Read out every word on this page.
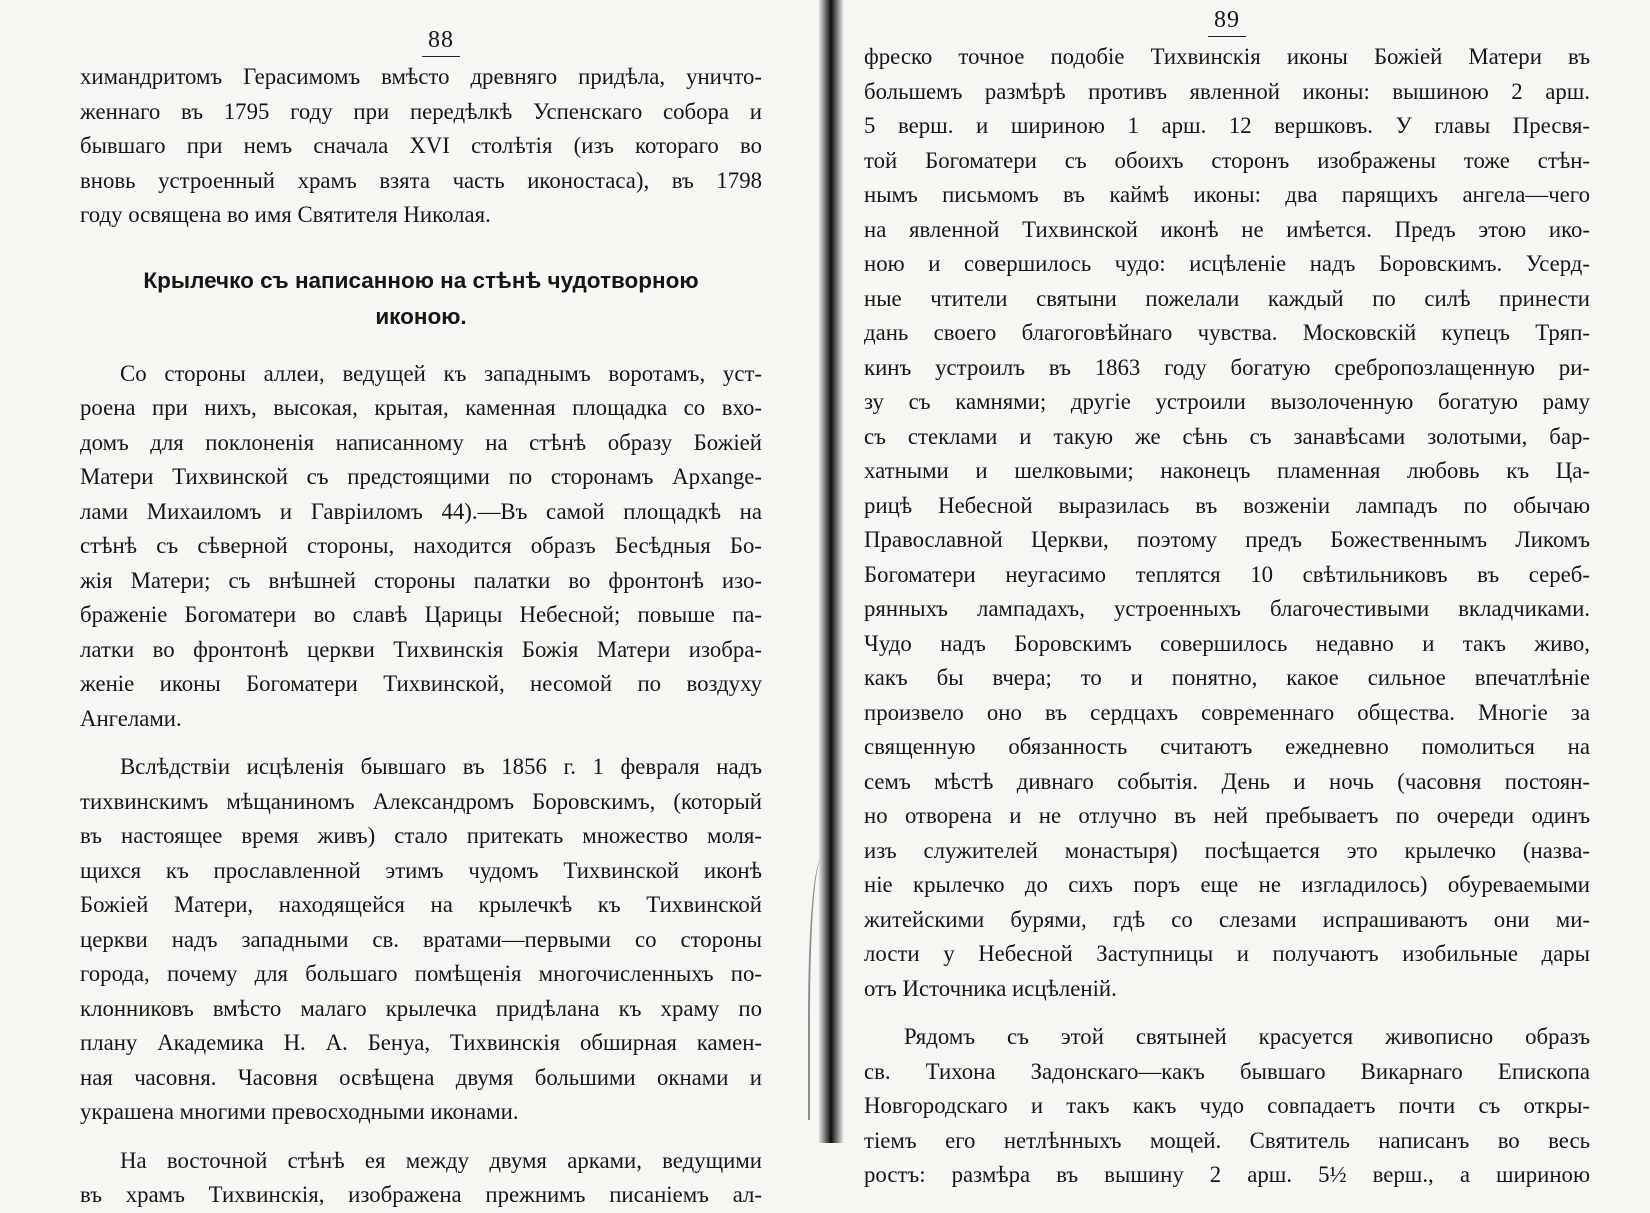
88
химандритомъ Герасимомъ вмѣсто древняго придѣла, уничто-
женнаго въ 1795 году при передѣлкѣ Успенскаго собора и
бывшаго при немъ сначала XVI столѣтія (изъ котораго во
вновь устроенный храмъ взята часть иконостаса), въ 1798
году освящена во имя Святителя Николая.
Крылечко съ написанною на стѣнѣ чудотворною
иконою.
Со стороны аллеи, ведущей къ западнымъ воротамъ, уст-
роена при нихъ, высокая, крытая, каменная площадка со вхо-
домъ для поклоненія написанному на стѣнѣ образу Божіей
Матери Тихвинской съ предстоящими по сторонамъ Архange-
лами Михаиломъ и Гавріиломъ 44).—Въ самой площадкѣ на
стѣнѣ съ сѣверной стороны, находится образъ Бесѣдныя Бо-
жія Матери; съ внѣшней стороны палатки во фронтонѣ изо-
браженіе Богоматери во славѣ Царицы Небесной; повыше па-
латки во фронтонѣ церкви Тихвинскія Божія Матери изобра-
женіе иконы Богоматери Тихвинской, несомой по воздуху
Ангелами.
Вслѣдствіи исцѣленія бывшаго въ 1856 г. 1 февраля надъ
тихвинскимъ мѣщаниномъ Александромъ Боровскимъ, (который
въ настоящее время живъ) стало притекать множество моля-
щихся къ прославленной этимъ чудомъ Тихвинской иконѣ
Божіей Матери, находящейся на крылечкѣ къ Тихвинской
церкви надъ западными св. вратами—первыми со стороны
города, почему для большаго помѣщенія многочисленныхъ по-
клонниковъ вмѣсто малаго крылечка придѣлана къ храму по
плану Академика Н. А. Бенуа, Тихвинскія обширная камен-
ная часовня. Часовня освѣщена двумя большими окнами и
украшена многими превосходными иконами.
На восточной стѣнѣ ея между двумя арками, ведущими
въ храмъ Тихвинскія, изображена прежнимъ писаніемъ ал-
89
фреско точное подобіе Тихвинскія иконы Божіей Матери въ
большемъ размѣрѣ противъ явленной иконы: вышиною 2 арш.
5 верш. и шириною 1 арш. 12 вершковъ. У главы Пресвя-
той Богоматери съ обоихъ сторонъ изображены тоже стѣн-
нымъ письмомъ въ каймѣ иконы: два парящихъ ангела—чего
на явленной Тихвинской иконѣ не имѣется. Предъ этою ико-
ною и совершилось чудо: исцѣленіе надъ Боровскимъ. Усерд-
ные чтители святыни пожелали каждый по силѣ принести
дань своего благоговѣйнаго чувства. Московскій купецъ Тряп-
кинъ устроилъ въ 1863 году богатую сребропозлащенную ри-
зу съ камнями; другіе устроили вызолоченную богатую раму
съ стеклами и такую же сѣнь съ занавѣсами золотыми, бар-
хатными и шелковыми; наконецъ пламенная любовь къ Ца-
рицѣ Небесной выразилась въ возженіи лампадъ по обычаю
Православной Церкви, поэтому предъ Божественнымъ Ликомъ
Богоматери неугасимо теплятся 10 свѣтильниковъ въ сереб-
рянныхъ лампадахъ, устроенныхъ благочестивыми вкладчиками.
Чудо надъ Боровскимъ совершилось недавно и такъ живо,
какъ бы вчера; то и понятно, какое сильное впечатлѣніе
произвело оно въ сердцахъ современнаго общества. Многіе за
священную обязанность считаютъ ежедневно помолиться на
семъ мѣстѣ дивнаго событія. День и ночь (часовня постоян-
но отворена и не отлучно въ ней пребываетъ по очереди одинъ
изъ служителей монастыря) посѣщается это крылечко (назва-
ніе крылечко до сихъ поръ еще не изгладилось) обуреваемыми
житейскими бурями, гдѣ со слезами испрашиваютъ они ми-
лости у Небесной Заступницы и получаютъ изобильные дары
отъ Источника исцѣленій.
Рядомъ съ этой святыней красуется живописно образъ
св. Тихона Задонскаго—какъ бывшаго Викарнаго Епископа
Новгородскаго и такъ какъ чудо совпадаетъ почти съ откры-
тіемъ его нетлѣнныхъ мощей. Святитель написанъ во весь
ростъ: размѣра въ вышину 2 арш. 5½ верш., а шириною
